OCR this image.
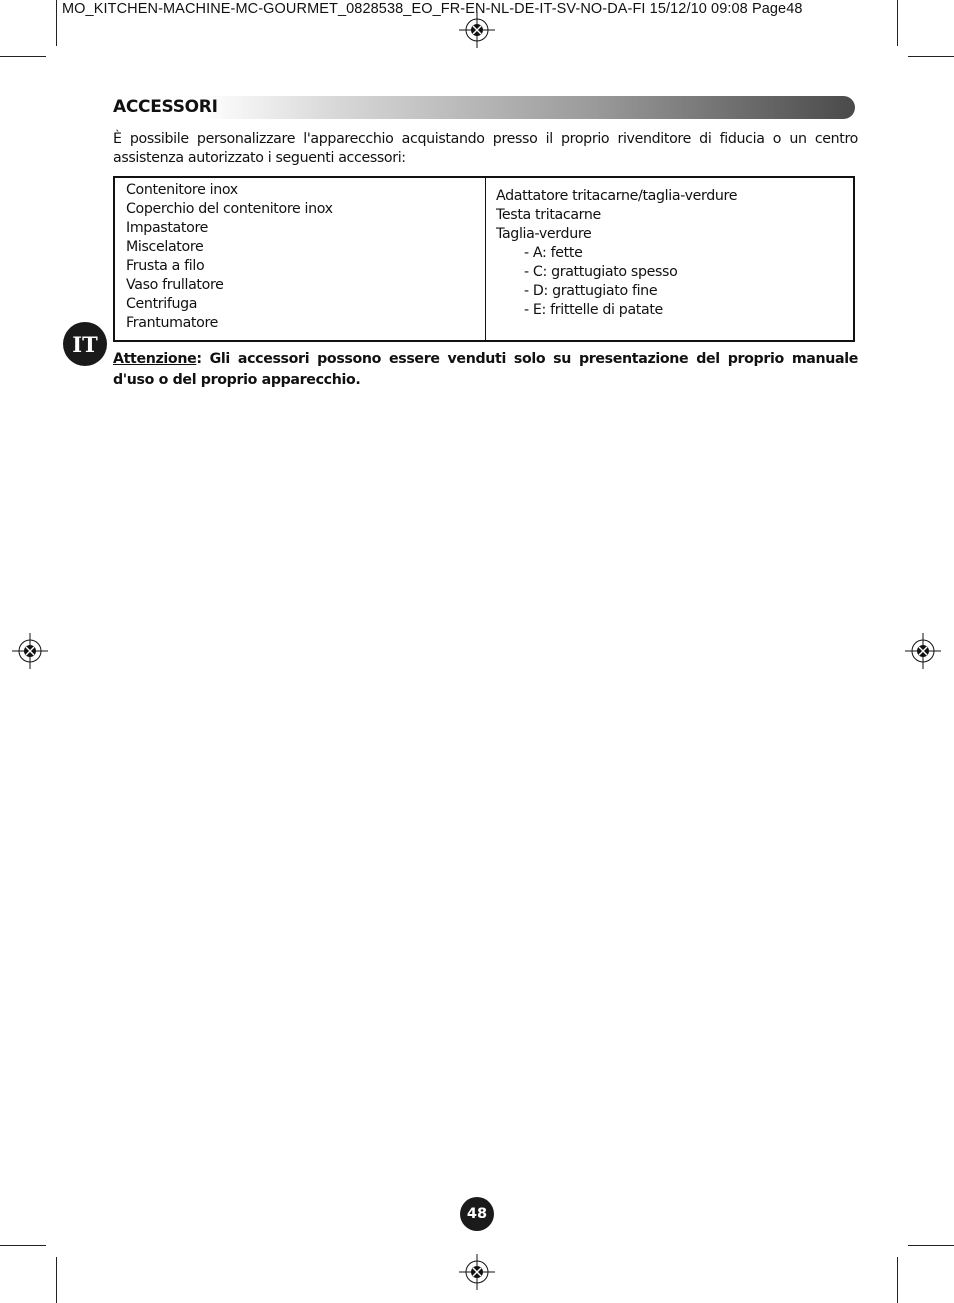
MO_KITCHEN-MACHINE-MC-GOURMET_0828538_EO_FR-EN-NL-DE-IT-SV-NO-DA-FI 15/12/10 09:08 Page48
ACCESSORI

È possibile personalizzare l'apparecchio acquistando presso il proprio rivenditore di fiducia o un centro assistenza autorizzato i seguenti accessori:

Contenitore inox
Coperchio del contenitore inox
Impastatore
Miscelatore
Frusta a filo
Vaso frullatore
Centrifuga
Frantumatore
Adattatore tritacarne/taglia-verdure
Testa tritacarne
Taglia-verdure
- A: fette
- C: grattugiato spesso
- D: grattugiato fine
- E: frittelle di patate
IT

Attenzione: Gli accessori possono essere venduti solo su presentazione del proprio manuale d'uso o del proprio apparecchio.

48
